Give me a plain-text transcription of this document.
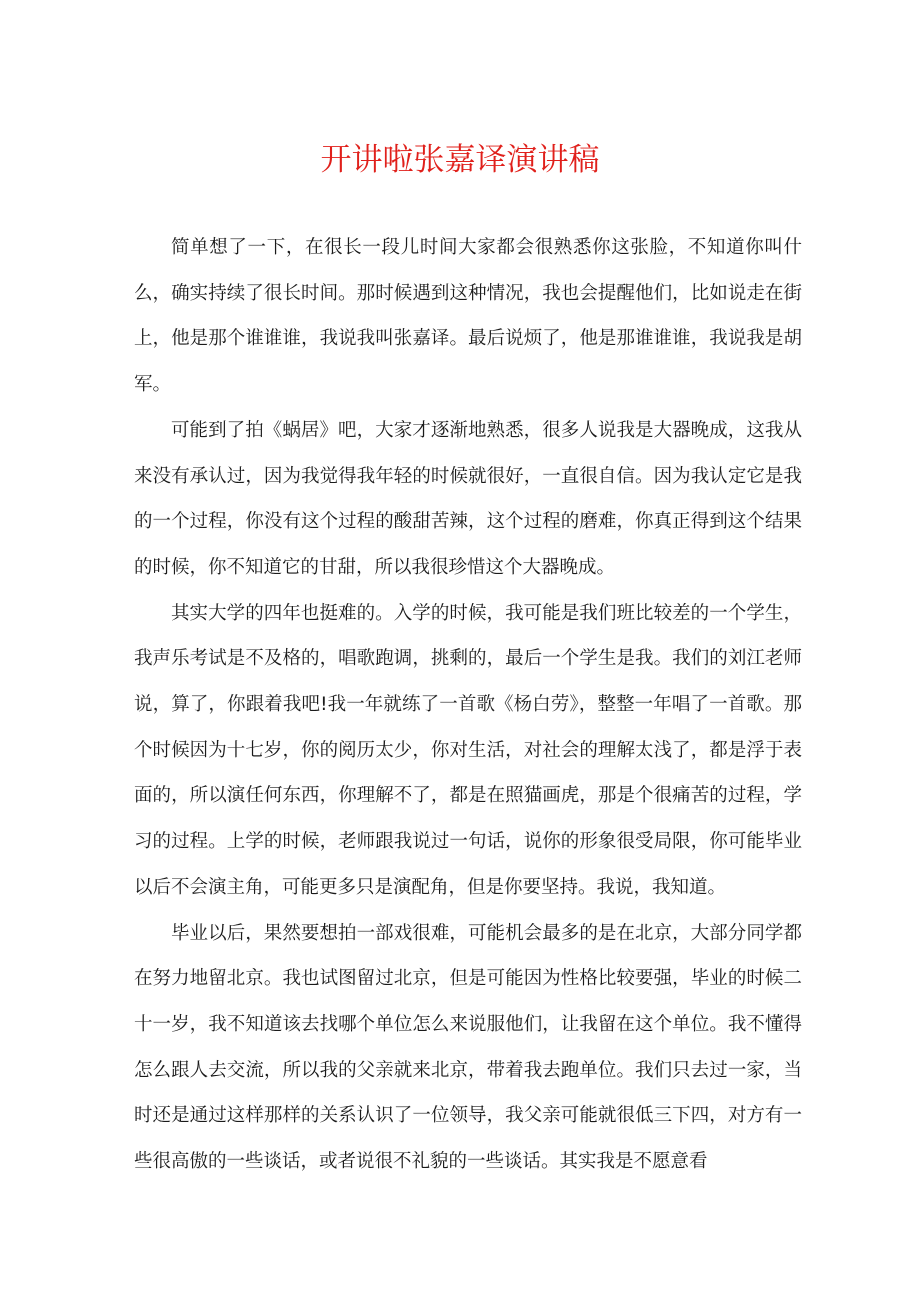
开讲啦张嘉译演讲稿

简单想了一下，在很长一段儿时间大家都会很熟悉你这张脸，不知道你叫什么，确实持续了很长时间。那时候遇到这种情况，我也会提醒他们，比如说走在街上，他是那个谁谁谁，我说我叫张嘉译。最后说烦了，他是那谁谁谁，我说我是胡军。

可能到了拍《蜗居》吧，大家才逐渐地熟悉，很多人说我是大器晚成，这我从来没有承认过，因为我觉得我年轻的时候就很好，一直很自信。因为我认定它是我的一个过程，你没有这个过程的酸甜苦辣，这个过程的磨难，你真正得到这个结果的时候，你不知道它的甘甜，所以我很珍惜这个大器晚成。

其实大学的四年也挺难的。入学的时候，我可能是我们班比较差的一个学生，我声乐考试是不及格的，唱歌跑调，挑剩的，最后一个学生是我。我们的刘江老师说，算了，你跟着我吧!我一年就练了一首歌《杨白劳》，整整一年唱了一首歌。那个时候因为十七岁，你的阅历太少，你对生活，对社会的理解太浅了，都是浮于表面的，所以演任何东西，你理解不了，都是在照猫画虎，那是个很痛苦的过程，学习的过程。上学的时候，老师跟我说过一句话，说你的形象很受局限，你可能毕业以后不会演主角，可能更多只是演配角，但是你要坚持。我说，我知道。

毕业以后，果然要想拍一部戏很难，可能机会最多的是在北京，大部分同学都在努力地留北京。我也试图留过北京，但是可能因为性格比较要强，毕业的时候二十一岁，我不知道该去找哪个单位怎么来说服他们，让我留在这个单位。我不懂得怎么跟人去交流，所以我的父亲就来北京，带着我去跑单位。我们只去过一家，当时还是通过这样那样的关系认识了一位领导，我父亲可能就很低三下四，对方有一些很高傲的一些谈话，或者说很不礼貌的一些谈话。其实我是不愿意看
